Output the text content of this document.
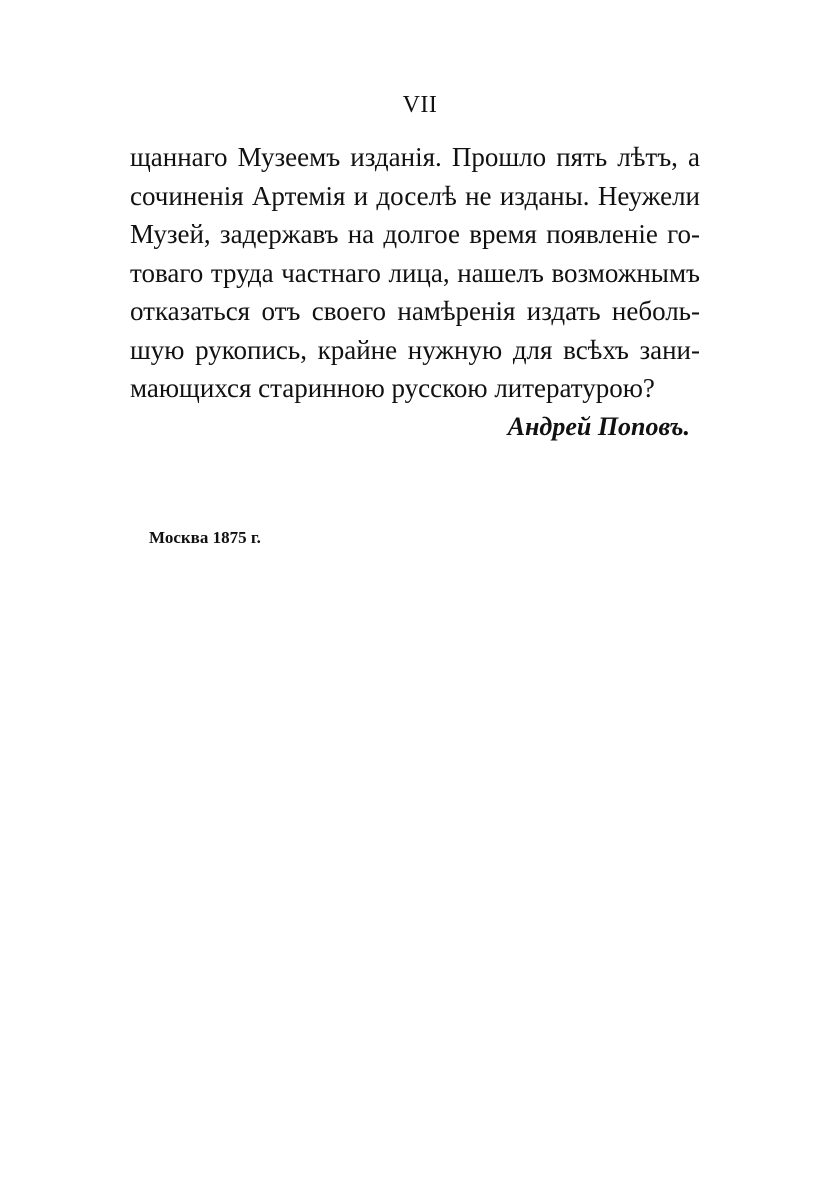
VII
щаннаго Музеемъ изданія. Прошло пять лѣтъ, а
сочиненія Артемія и доселѣ не изданы. Неужели
Музей, задержавъ на долгое время появленіе го-
товаго труда частнаго лица, нашелъ возможнымъ
отказаться отъ своего намѣренія издать неболь-
шую рукопись, крайне нужную для всѣхъ зани-
мающихся старинною русскою литературою?
Андрей Поповъ.
Москва 1875 г.
